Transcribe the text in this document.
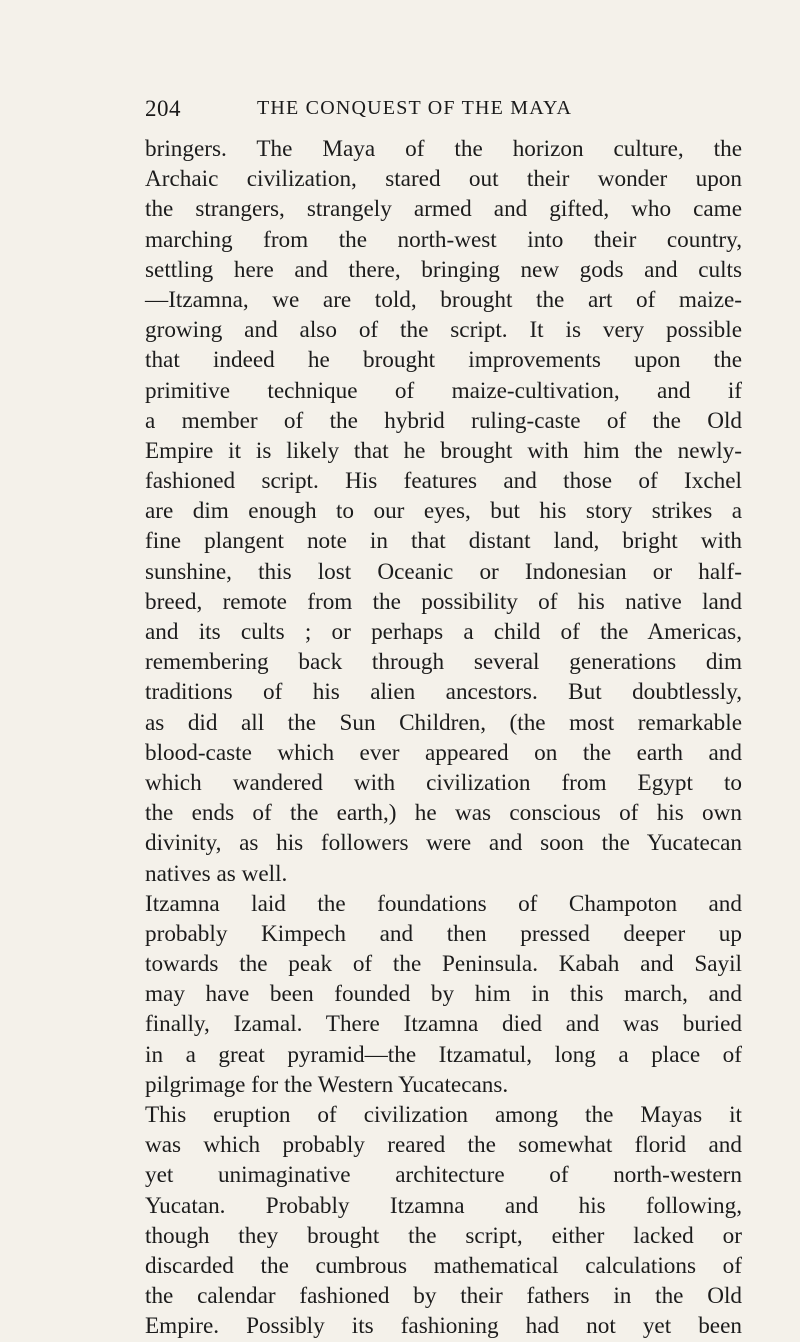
204	THE CONQUEST OF THE MAYA
bringers. The Maya of the horizon culture, the
Archaic civilization, stared out their wonder upon
the strangers, strangely armed and gifted, who came
marching from the north-west into their country,
settling here and there, bringing new gods and cults
—Itzamna, we are told, brought the art of maize-
growing and also of the script. It is very possible
that indeed he brought improvements upon the
primitive technique of maize-cultivation, and if
a member of the hybrid ruling-caste of the Old
Empire it is likely that he brought with him the newly-
fashioned script. His features and those of Ixchel
are dim enough to our eyes, but his story strikes a
fine plangent note in that distant land, bright with
sunshine, this lost Oceanic or Indonesian or half-
breed, remote from the possibility of his native land
and its cults ; or perhaps a child of the Americas,
remembering back through several generations dim
traditions of his alien ancestors. But doubtlessly,
as did all the Sun Children, (the most remarkable
blood-caste which ever appeared on the earth and
which wandered with civilization from Egypt to
the ends of the earth,) he was conscious of his own
divinity, as his followers were and soon the Yucatecan
natives as well.
Itzamna laid the foundations of Champoton and
probably Kimpech and then pressed deeper up
towards the peak of the Peninsula. Kabah and Sayil
may have been founded by him in this march, and
finally, Izamal. There Itzamna died and was buried
in a great pyramid—the Itzamatul, long a place of
pilgrimage for the Western Yucatecans.
This eruption of civilization among the Mayas it
was which probably reared the somewhat florid and
yet unimaginative architecture of north-western
Yucatan. Probably Itzamna and his following,
though they brought the script, either lacked or
discarded the cumbrous mathematical calculations of
the calendar fashioned by their fathers in the Old
Empire. Possibly its fashioning had not yet been
